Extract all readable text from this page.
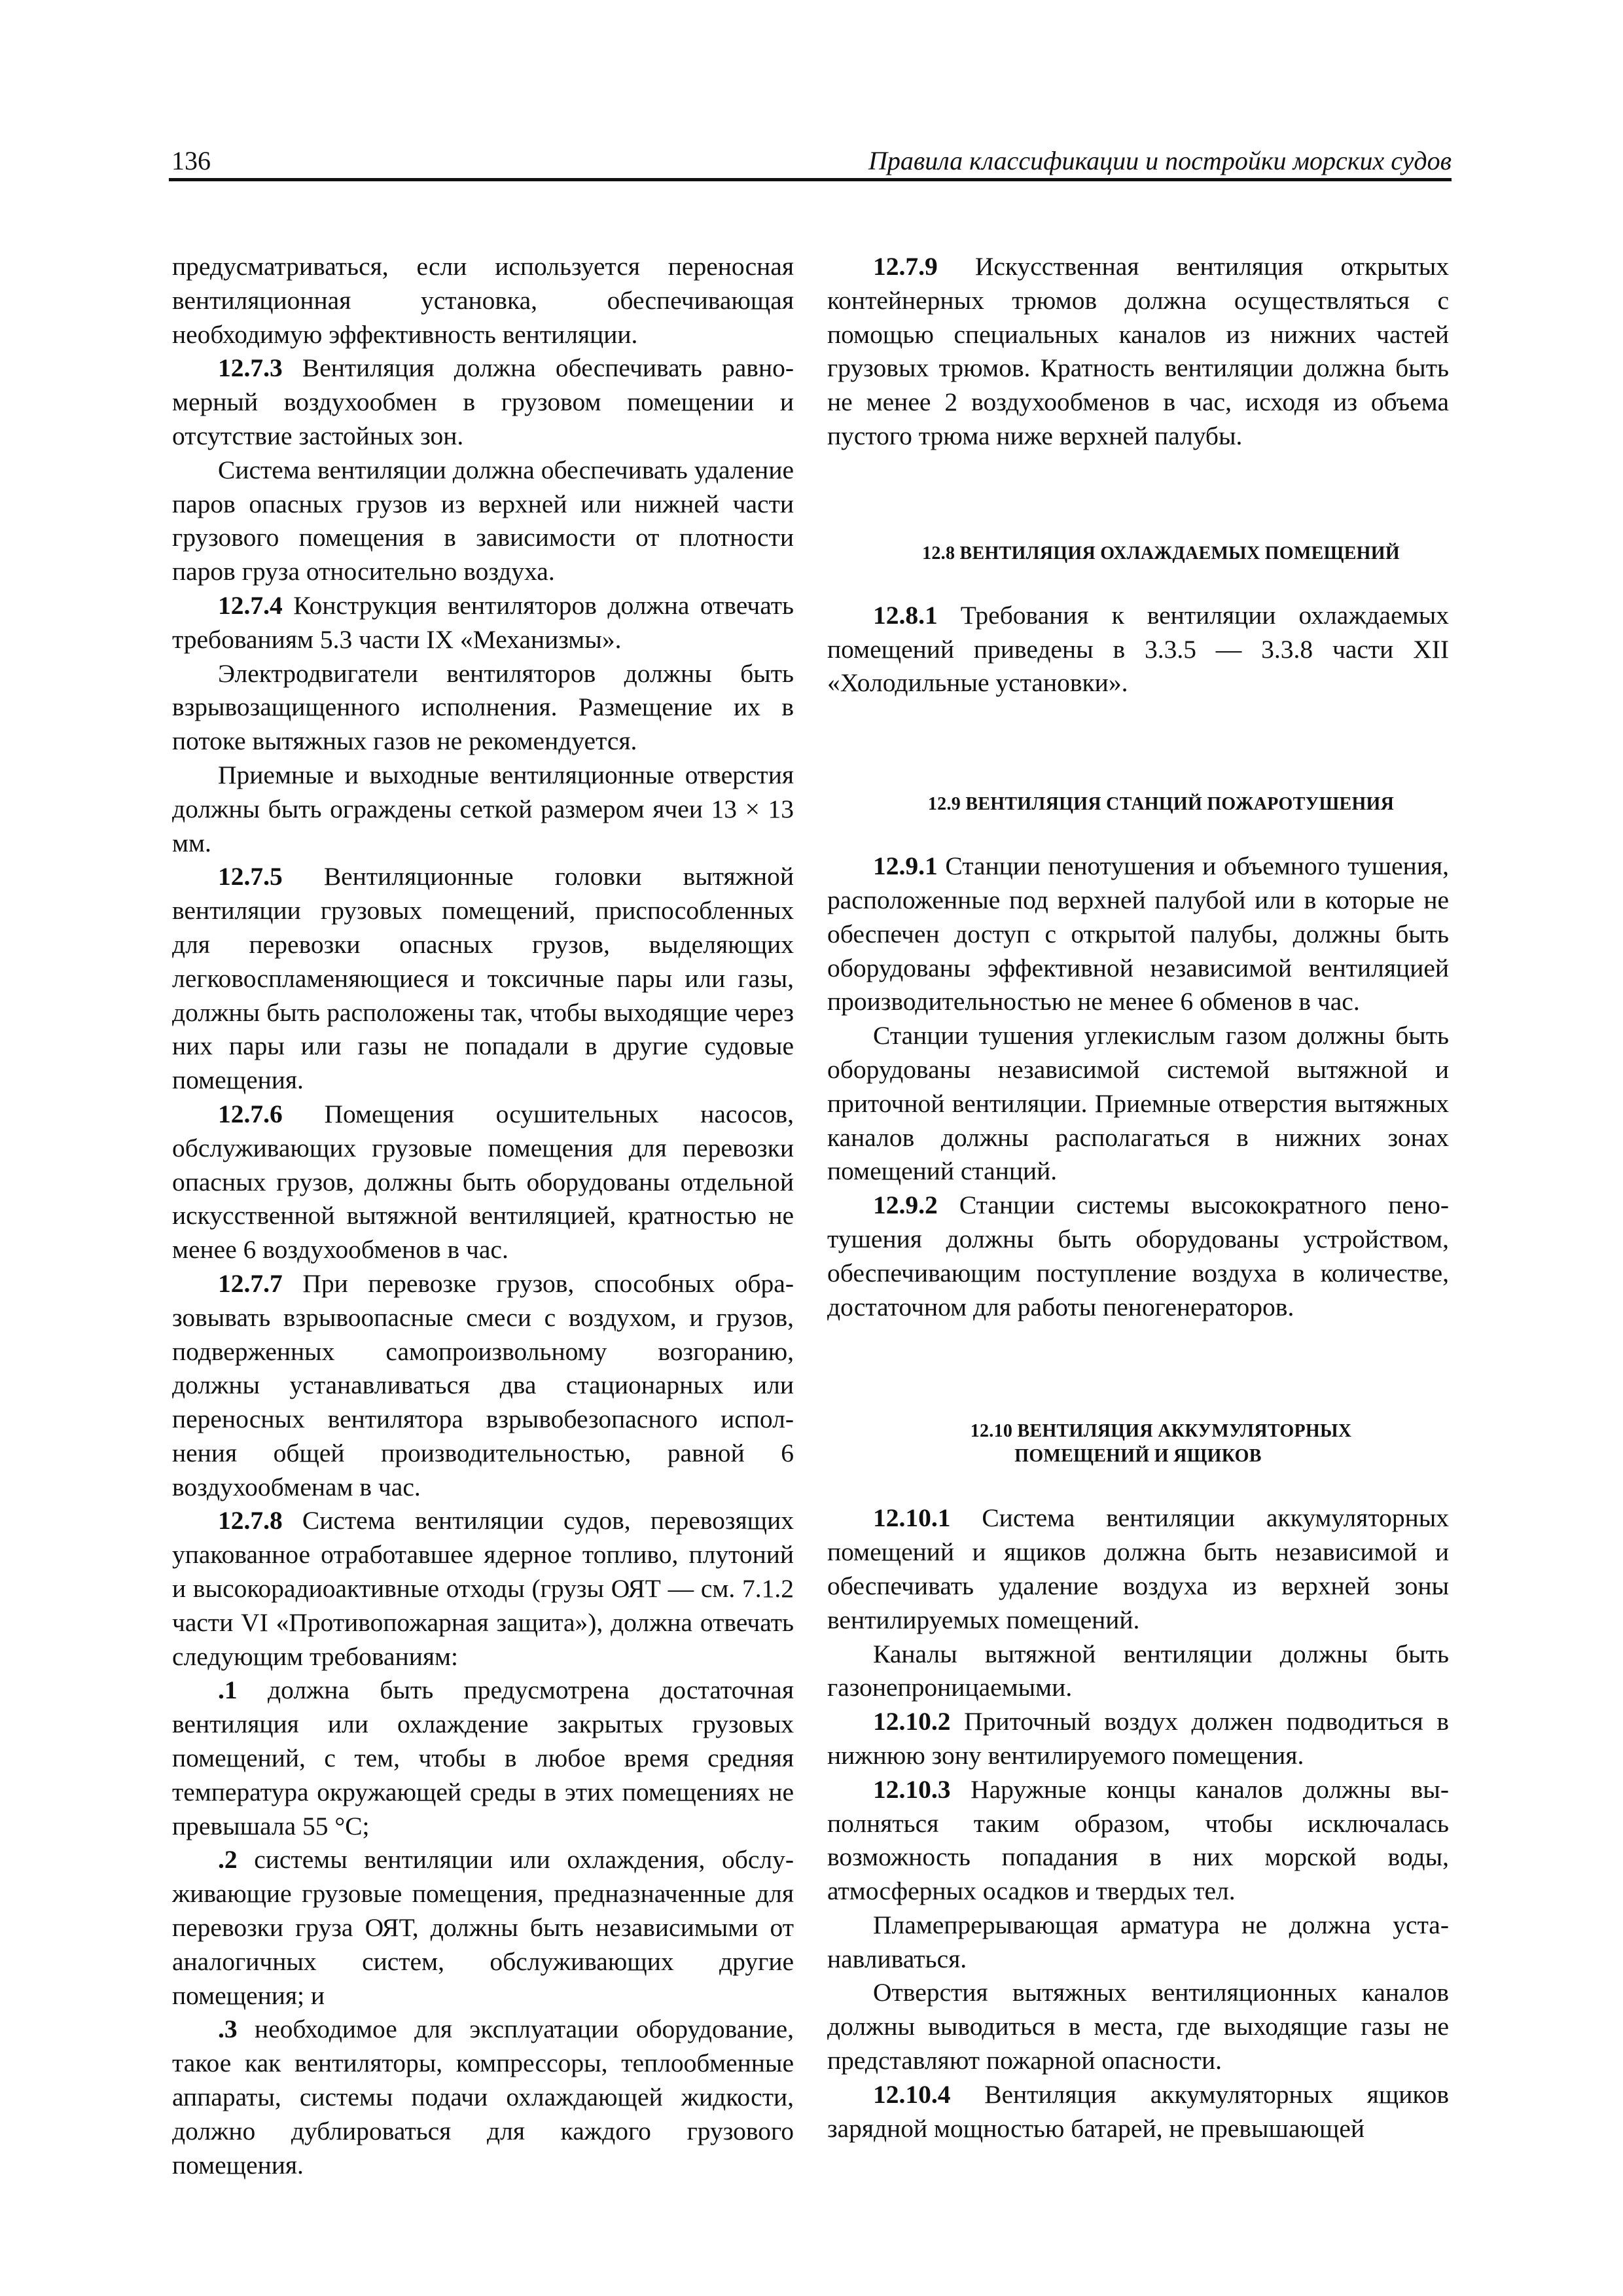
136	Правила классификации и постройки морских судов

предусматриваться, если используется переносная вентиляционная установка, обеспечивающая необходимую эффективность вентиляции.

12.7.3 Вентиляция должна обеспечивать равномерный воздухообмен в грузовом помещении и отсутствие застойных зон.

Система вентиляции должна обеспечивать удаление паров опасных грузов из верхней или нижней части грузового помещения в зависимости от плотности паров груза относительно воздуха.

12.7.4 Конструкция вентиляторов должна отвечать требованиям 5.3 части IX «Механизмы».

Электродвигатели вентиляторов должны быть взрывозащищенного исполнения. Размещение их в потоке вытяжных газов не рекомендуется.

Приемные и выходные вентиляционные отверстия должны быть ограждены сеткой размером ячеи 13 × 13 мм.

12.7.5 Вентиляционные головки вытяжной вентиляции грузовых помещений, приспособленных для перевозки опасных грузов, выделяющих легковоспламеняющиеся и токсичные пары или газы, должны быть расположены так, чтобы выходящие через них пары или газы не попадали в другие судовые помещения.

12.7.6 Помещения осушительных насосов, обслуживающих грузовые помещения для перевозки опасных грузов, должны быть оборудованы отдельной искусственной вытяжной вентиляцией, кратностью не менее 6 воздухообменов в час.

12.7.7 При перевозке грузов, способных образовывать взрывоопасные смеси с воздухом, и грузов, подверженных самопроизвольному возгоранию, должны устанавливаться два стационарных или переносных вентилятора взрывобезопасного исполнения общей производительностью, равной 6 воздухообменам в час.

12.7.8 Система вентиляции судов, перевозящих упакованное отработавшее ядерное топливо, плутоний и высокорадиоактивные отходы (грузы ОЯТ — см. 7.1.2 части VI «Противопожарная защита»), должна отвечать следующим требованиям:

.1 должна быть предусмотрена достаточная вентиляция или охлаждение закрытых грузовых помещений, с тем, чтобы в любое время средняя температура окружающей среды в этих помещениях не превышала 55 °С;

.2 системы вентиляции или охлаждения, обслуживающие грузовые помещения, предназначенные для перевозки груза ОЯТ, должны быть независимыми от аналогичных систем, обслуживающих другие помещения; и

.3 необходимое для эксплуатации оборудование, такое как вентиляторы, компрессоры, теплообменные аппараты, системы подачи охлаждающей жидкости, должно дублироваться для каждого грузового помещения.

12.7.9 Искусственная вентиляция открытых контейнерных трюмов должна осуществляться с помощью специальных каналов из нижних частей грузовых трюмов. Кратность вентиляции должна быть не менее 2 воздухообменов в час, исходя из объема пустого трюма ниже верхней палубы.

12.8 ВЕНТИЛЯЦИЯ ОХЛАЖДАЕМЫХ ПОМЕЩЕНИЙ

12.8.1 Требования к вентиляции охлаждаемых помещений приведены в 3.3.5 — 3.3.8 части XII «Холодильные установки».

12.9 ВЕНТИЛЯЦИЯ СТАНЦИЙ ПОЖАРОТУШЕНИЯ

12.9.1 Станции пенотушения и объемного тушения, расположенные под верхней палубой или в которые не обеспечен доступ с открытой палубы, должны быть оборудованы эффективной независимой вентиляцией производительностью не менее 6 обменов в час.

Станции тушения углекислым газом должны быть оборудованы независимой системой вытяжной и приточной вентиляции. Приемные отверстия вытяжных каналов должны располагаться в нижних зонах помещений станций.

12.9.2 Станции системы высокократного пенотушения должны быть оборудованы устройством, обеспечивающим поступление воздуха в количестве, достаточном для работы пеногенераторов.

12.10 ВЕНТИЛЯЦИЯ АККУМУЛЯТОРНЫХ
ПОМЕЩЕНИЙ И ЯЩИКОВ

12.10.1 Система вентиляции аккумуляторных помещений и ящиков должна быть независимой и обеспечивать удаление воздуха из верхней зоны вентилируемых помещений.

Каналы вытяжной вентиляции должны быть газонепроницаемыми.

12.10.2 Приточный воздух должен подводиться в нижнюю зону вентилируемого помещения.

12.10.3 Наружные концы каналов должны выполняться таким образом, чтобы исключалась возможность попадания в них морской воды, атмосферных осадков и твердых тел.

Пламепрерывающая арматура не должна устанавливаться.

Отверстия вытяжных вентиляционных каналов должны выводиться в места, где выходящие газы не представляют пожарной опасности.

12.10.4 Вентиляция аккумуляторных ящиков зарядной мощностью батарей, не превышающей
